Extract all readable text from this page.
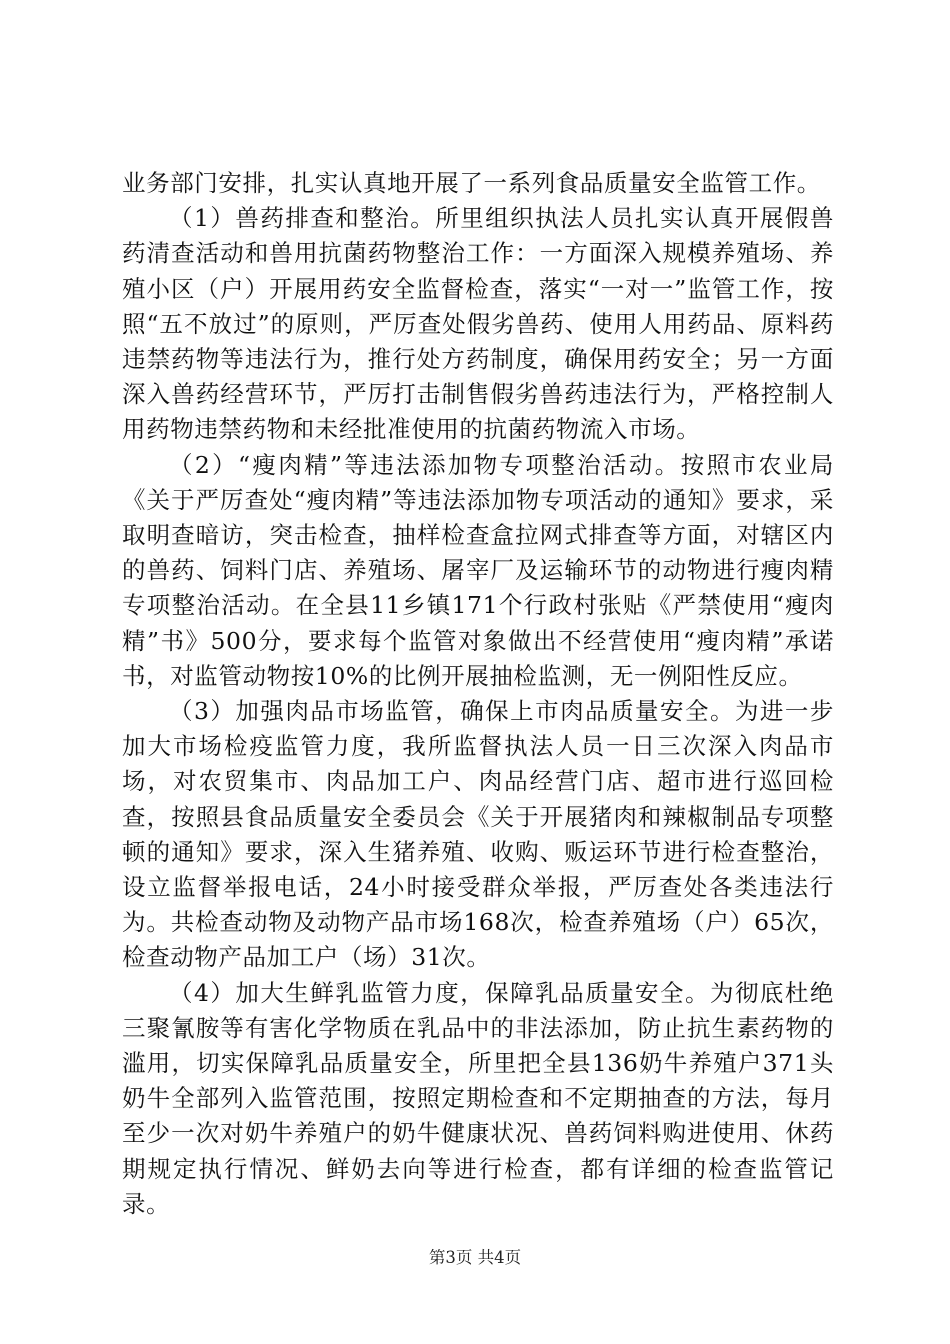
业务部门安排，扎实认真地开展了一系列食品质量安全监管工作。

（1）兽药排查和整治。所里组织执法人员扎实认真开展假兽药清查活动和兽用抗菌药物整治工作：一方面深入规模养殖场、养殖小区（户）开展用药安全监督检查，落实“一对一”监管工作，按照“五不放过”的原则，严厉查处假劣兽药、使用人用药品、原料药违禁药物等违法行为，推行处方药制度，确保用药安全；另一方面深入兽药经营环节，严厉打击制售假劣兽药违法行为，严格控制人用药物违禁药物和未经批准使用的抗菌药物流入市场。

（2）“瘦肉精”等违法添加物专项整治活动。按照市农业局《关于严厉查处“瘦肉精”等违法添加物专项活动的通知》要求，采取明查暗访，突击检查，抽样检查盒拉网式排查等方面，对辖区内的兽药、饲料门店、养殖场、屠宰厂及运输环节的动物进行瘦肉精专项整治活动。在全县11乡镇171个行政村张贴《严禁使用“瘦肉精”书》500分，要求每个监管对象做出不经营使用“瘦肉精”承诺书，对监管动物按10%的比例开展抽检监测，无一例阳性反应。

（3）加强肉品市场监管，确保上市肉品质量安全。为进一步加大市场检疫监管力度，我所监督执法人员一日三次深入肉品市场，对农贸集市、肉品加工户、肉品经营门店、超市进行巡回检查，按照县食品质量安全委员会《关于开展猪肉和辣椒制品专项整顿的通知》要求，深入生猪养殖、收购、贩运环节进行检查整治，设立监督举报电话，24小时接受群众举报，严厉查处各类违法行为。共检查动物及动物产品市场168次，检查养殖场（户）65次，检查动物产品加工户（场）31次。

（4）加大生鲜乳监管力度，保障乳品质量安全。为彻底杜绝三聚氰胺等有害化学物质在乳品中的非法添加，防止抗生素药物的滥用，切实保障乳品质量安全，所里把全县136奶牛养殖户371头奶牛全部列入监管范围，按照定期检查和不定期抽查的方法，每月至少一次对奶牛养殖户的奶牛健康状况、兽药饲料购进使用、休药期规定执行情况、鲜奶去向等进行检查，都有详细的检查监管记录。

第3页 共4页
